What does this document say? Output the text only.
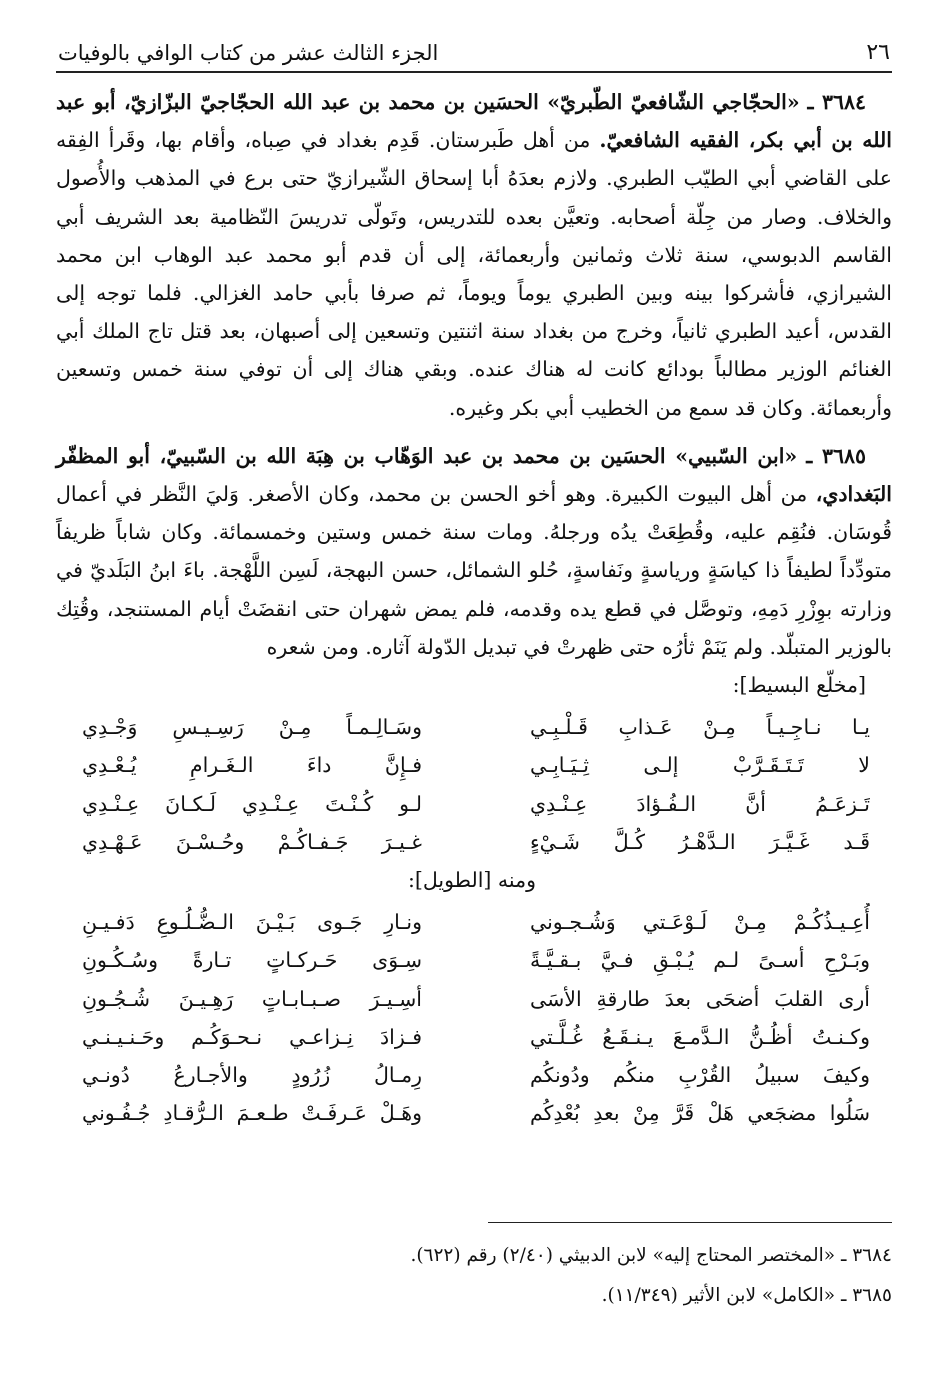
٢٦
الجزء الثالث عشر من كتاب الوافي بالوفيات

٣٦٨٤ ـ «الحجّاجي الشّافعيّ الطّبريّ» الحسَين بن محمد بن عبد الله الحجّاجيّ البزّازيّ، أبو عبد الله بن أبي بكر، الفقيه الشافعيّ. من أهل طَبرستان. قَدِم بغداد في صِباه، وأقام بها، وقَرأ الفِقه على القاضي أبي الطيّب الطبري. ولازم بعدَهُ أبا إسحاق الشّيرازيّ حتى برع في المذهب والأُصول والخلاف. وصار من جِلّة أصحابه. وتعيَّن بعده للتدريس، وتَولّى تدريسَ النّظامية بعد الشريف أبي القاسم الدبوسي، سنة ثلاث وثمانين وأربعمائة، إلى أن قدم أبو محمد عبد الوهاب ابن محمد الشيرازي، فأشركوا بينه وبين الطبري يوماً ويوماً، ثم صرفا بأبي حامد الغزالي. فلما توجه إلى القدس، أعيد الطبري ثانياً، وخرج من بغداد سنة اثنتين وتسعين إلى أصبهان، بعد قتل تاج الملك أبي الغنائم الوزير مطالباً بودائع كانت له هناك عنده. وبقي هناك إلى أن توفي سنة خمس وتسعين وأربعمائة. وكان قد سمع من الخطيب أبي بكر وغيره.

٣٦٨٥ ـ «ابن السّبيي» الحسَين بن محمد بن عبد الوَهّاب بن هِبَة الله بن السّبييّ، أبو المظفّر البَغدادي، من أهل البيوت الكبيرة. وهو أخو الحسن بن محمد، وكان الأصغر. وَليَ النَّظر في أعمال قُوسَان. فنُقِم عليه، وقُطِعَتْ يدُه ورجلهُ. ومات سنة خمس وستين وخمسمائة. وكان شاباً ظريفاً متودِّداً لطيفاً ذا كياسَةٍ ورياسةٍ ونَفاسةٍ، حُلو الشمائل، حسن البهجة، لَسِن اللَّهْجة. باءَ ابنُ البَلَديّ في وزارته بوِزْرِ دَمِهِ، وتوصَّل في قطع يده وقدمه، فلم يمض شهران حتى انقضَتْ أيام المستنجد، وقُتِك بالوزير المتبلّد. ولم يَنَمْ ثأرُه حتى ظهرتْ في تبديل الدّولة آثاره. ومن شعره

[مخلّع البسيط]:

يـا نـاجِـيـاً مِـنْ عَـذابِ قَـلْـبِـي
وسَـالِـمـاً مِـنْ رَسِـيـسِ وَجْـدِي
لا تَـتَـقَـرَّبْ إلـى ثِـيَـابِـي
فـإِنَّ داءَ الـغَـرامِ يُـعْـدِي
تَـزعَـمُ أنَّ الـفُـؤادَ عِـنْـدِي
لـو كُـنْـتَ عِـنْـدِي لَـكـانَ عِـنْـدِي
قَـد غَـيَّـرَ الـدَّهْـرُ كُـلَّ شَـيْءٍ
غـيـرَ جَـفـاكُـمْ وحُـسْـنَ عَـهْـدِي

ومنه [الطويل]:

أُعِـيـذُكُـمْ مِـنْ لَـوْعَـتي وَشُـجـوني
ونـارِ جَـوى بَـيْـنَ الـضُّـلُـوعِ دَفـيـنِ
وبَـرْحِ أسـىً لـم يُـبْـقِ فـيَّ بـقـيَّـةً
سِـوَى حَـركـاتٍ تـارةً وسُـكُـونِ
أرى القلبَ أضحَى بعدَ طارقةِ الأسَى
أسِـيـرَ صـبـابـاتٍ رَهِـيـنَ شُـجُـونِ
وكـنـتُ أظُـنُّ الـدَّمـعَ يـنـقَـعُ غُـلَّـتي
فـزادَ نِـزاعـي نـحـوَكُـم وحَـنـيـنـي
وكيفَ سبيلُ القُرْبِ منكُم ودُونكُم
رِمـالُ زُرُودٍ والأجـارعُ دُونـي
سَلُوا مضجَعي هَلْ قَرَّ مِنْ بعدِ بُعْدِكُم
وهَـلْ عَـرفَـتْ طـعـمَ الـرُّقـادِ جُـفُـوني
٣٦٨٤ ـ «المختصر المحتاج إليه» لابن الدبيثي (٢/٤٠) رقم (٦٢٢).
٣٦٨٥ ـ «الكامل» لابن الأثير (١١/٣٤٩).
